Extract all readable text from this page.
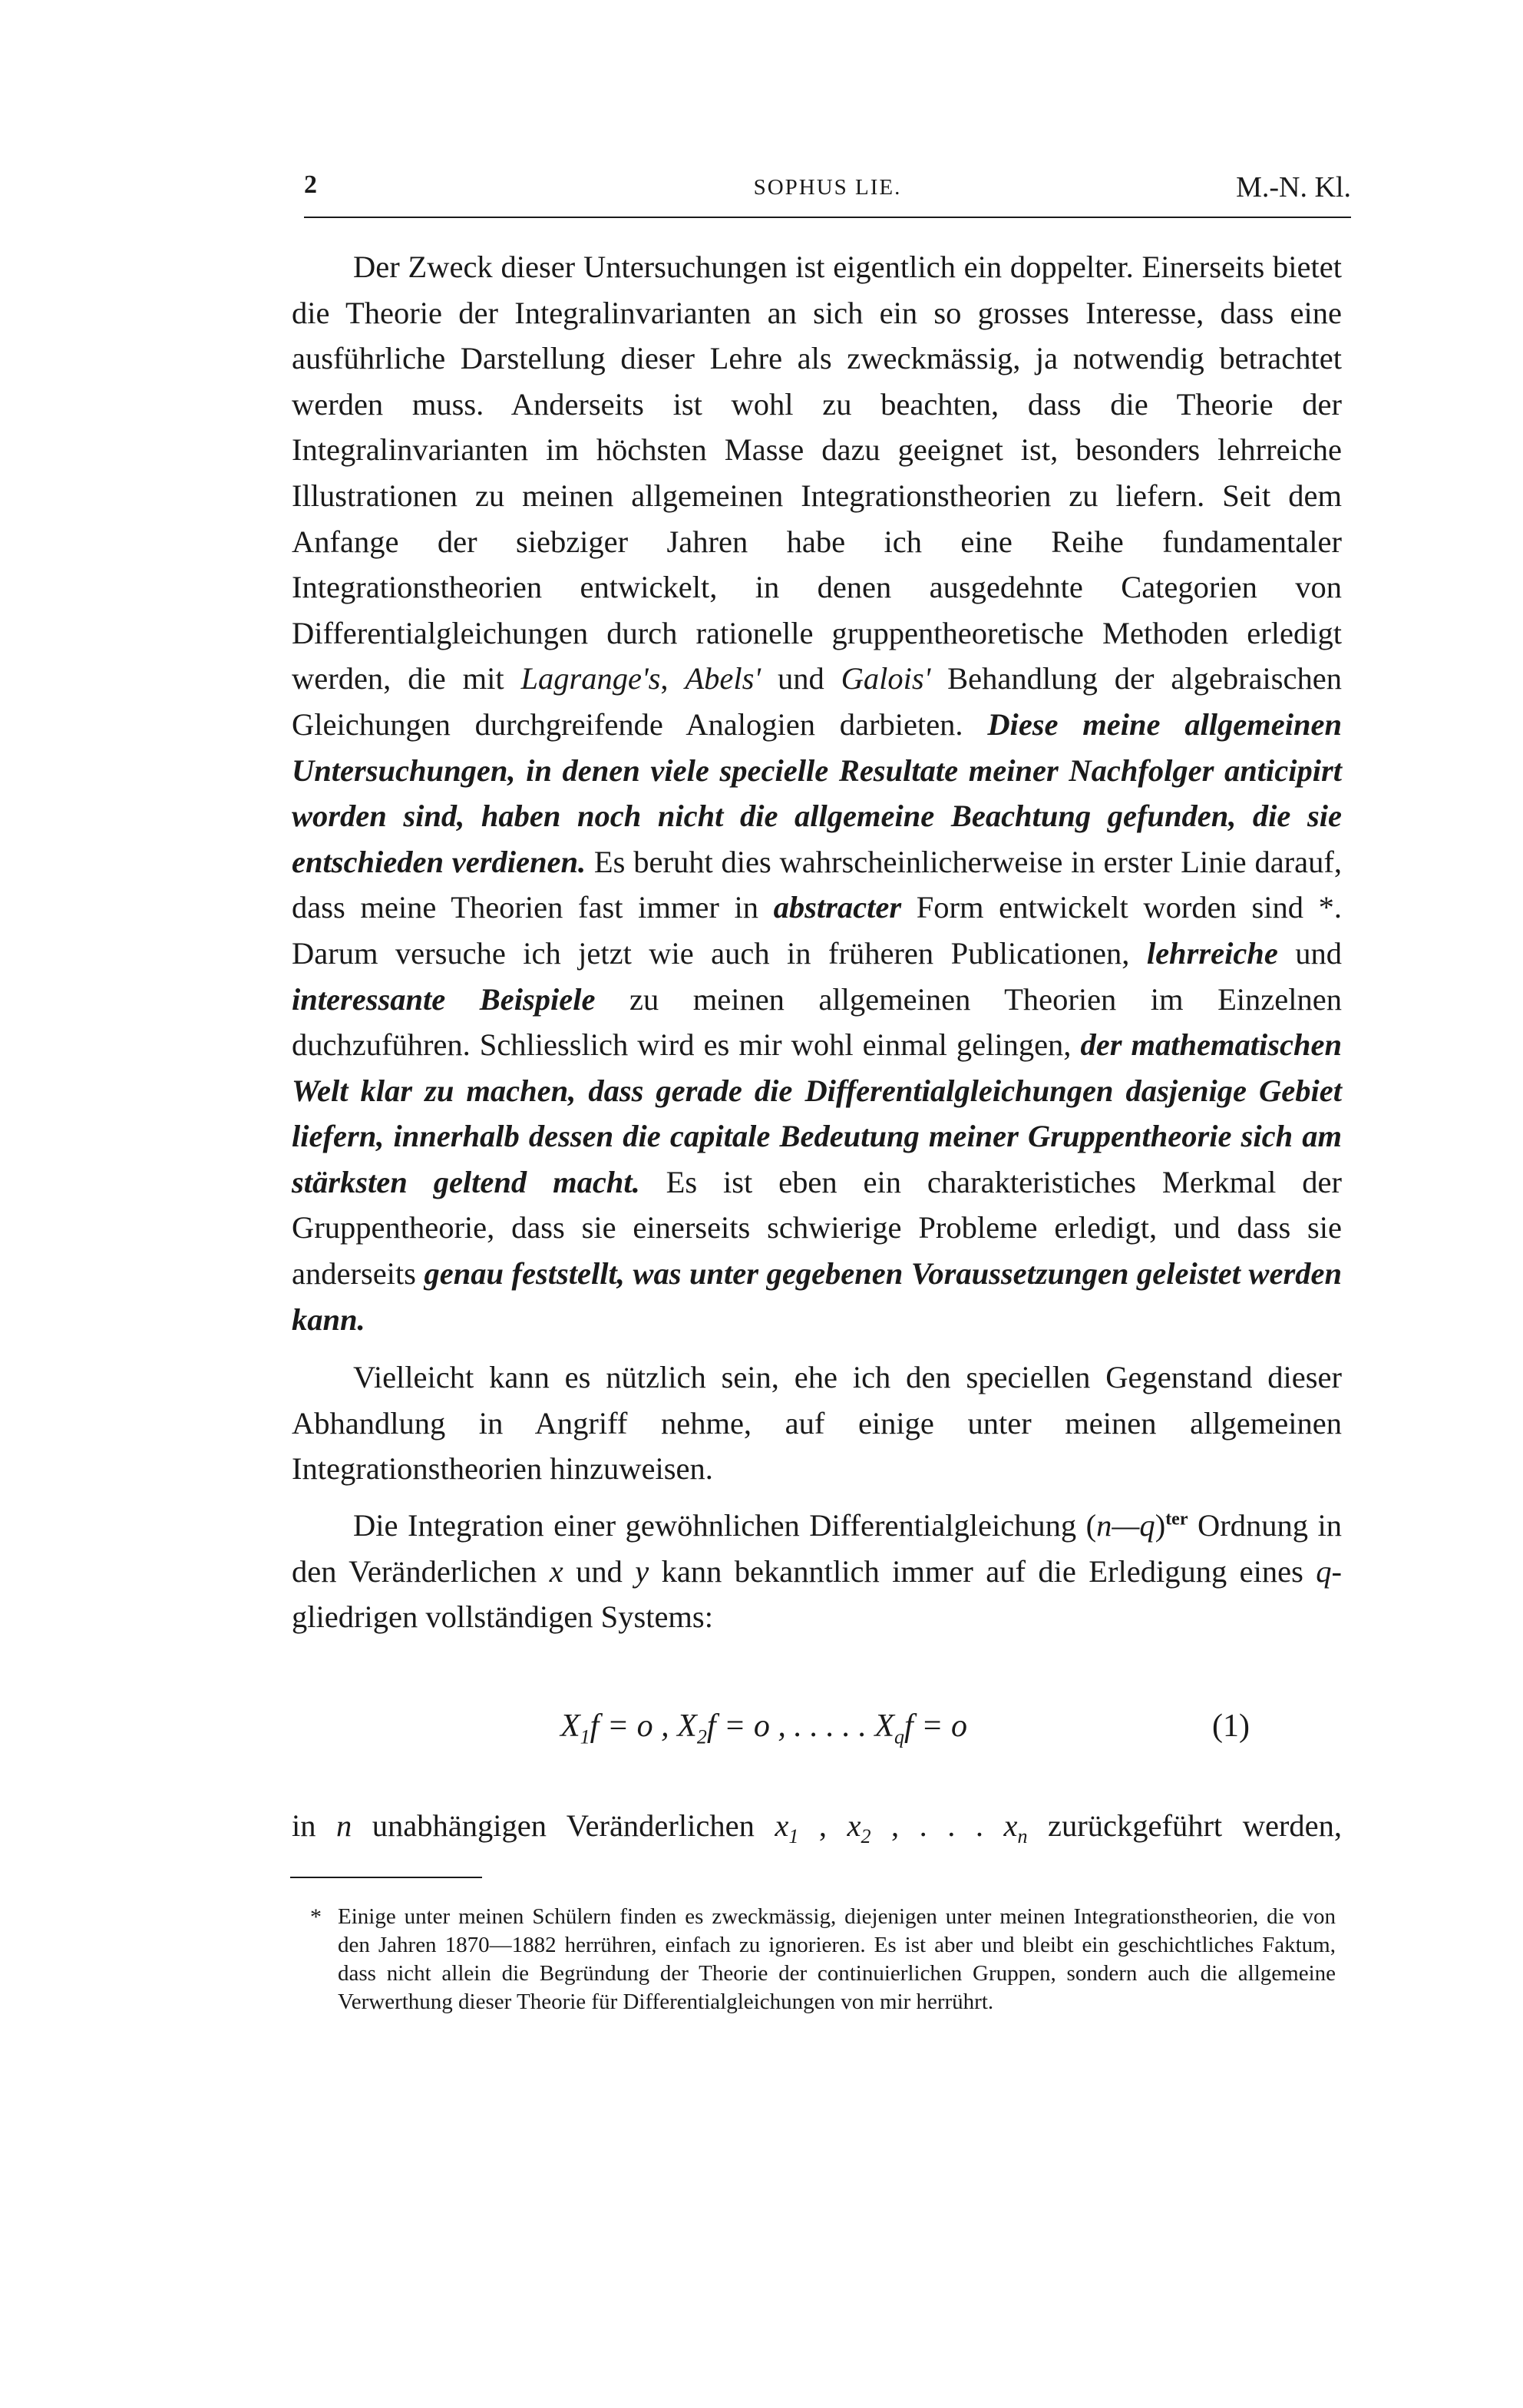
2	SOPHUS LIE.	M.-N. Kl.

Der Zweck dieser Untersuchungen ist eigentlich ein doppelter. Einerseits bietet die Theorie der Integralinvarianten an sich ein so grosses Interesse, dass eine ausführliche Darstellung dieser Lehre als zweckmässig, ja notwendig betrachtet werden muss. Anderseits ist wohl zu beachten, dass die Theorie der Integralinvarianten im höchsten Masse dazu geeignet ist, besonders lehrreiche Illustrationen zu meinen allgemeinen Integrationstheorien zu liefern. Seit dem Anfange der siebziger Jahren habe ich eine Reihe fundamentaler Integrationstheorien entwickelt, in denen ausgedehnte Categorien von Differentialgleichungen durch rationelle gruppentheoretische Methoden erledigt werden, die mit Lagrange's, Abels' und Galois' Behandlung der algebraischen Gleichungen durchgreifende Analogien darbieten. Diese meine allgemeinen Untersuchungen, in denen viele specielle Resultate meiner Nachfolger anticipirt worden sind, haben noch nicht die allgemeine Beachtung gefunden, die sie entschieden verdienen. Es beruht dies wahrscheinlicherweise in erster Linie darauf, dass meine Theorien fast immer in abstracter Form entwickelt worden sind *. Darum versuche ich jetzt wie auch in früheren Publicationen, lehrreiche und interessante Beispiele zu meinen allgemeinen Theorien im Einzelnen duchzuführen. Schliesslich wird es mir wohl einmal gelingen, der mathematischen Welt klar zu machen, dass gerade die Differentialgleichungen dasjenige Gebiet liefern, innerhalb dessen die capitale Bedeutung meiner Gruppentheorie sich am stärksten geltend macht. Es ist eben ein charakteristiches Merkmal der Gruppentheorie, dass sie einerseits schwierige Probleme erledigt, und dass sie anderseits genau feststellt, was unter gegebenen Voraussetzungen geleistet werden kann.

Vielleicht kann es nützlich sein, ehe ich den speciellen Gegenstand dieser Abhandlung in Angriff nehme, auf einige unter meinen allgemeinen Integrationstheorien hinzuweisen.

Die Integration einer gewöhnlichen Differentialgleichung (n—q)$^{ter}$ Ordnung in den Veränderlichen x und y kann bekanntlich immer auf die Erledigung eines q-gliedrigen vollständigen Systems:

$X_1f = o$ , $X_2f = o$ , . . . . . $X_qf = o$	(1)
in n unabhängigen Veränderlichen $x_1$ , $x_2$ , . . . $x_n$ zurückgeführt werden,
* Einige unter meinen Schülern finden es zweckmässig, diejenigen unter meinen Integrationstheorien, die von den Jahren 1870—1882 herrühren, einfach zu ignorieren. Es ist aber und bleibt ein geschichtliches Faktum, dass nicht allein die Begründung der Theorie der continuierlichen Gruppen, sondern auch die allgemeine Verwerthung dieser Theorie für Differentialgleichungen von mir herrührt.
